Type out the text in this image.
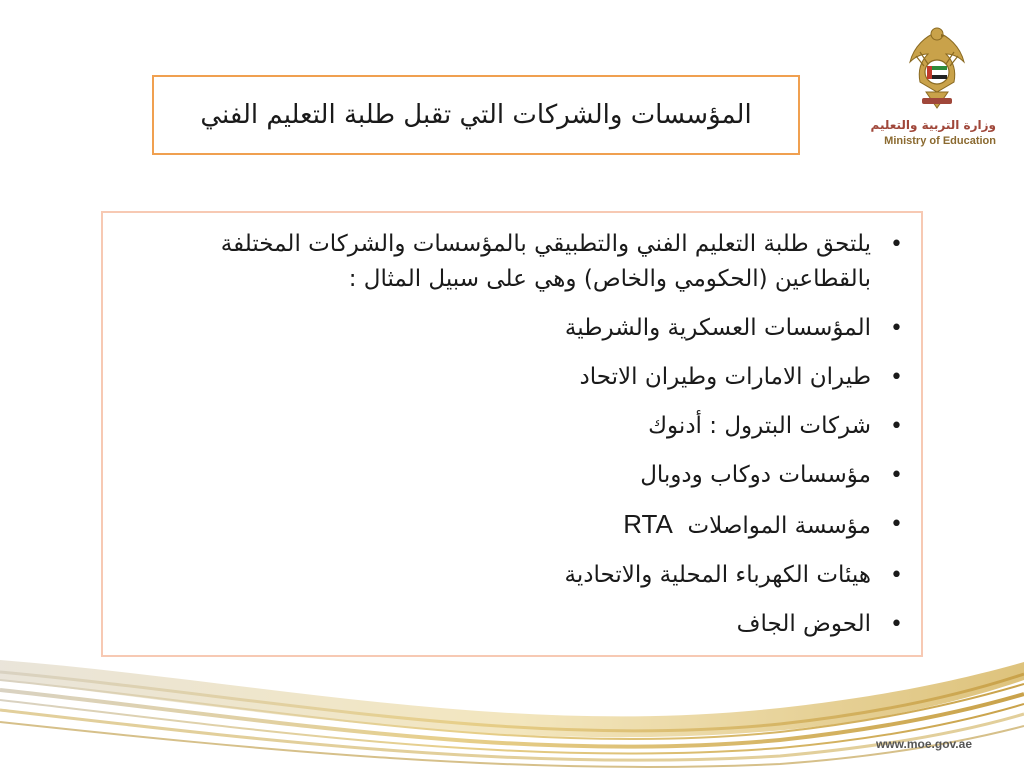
المؤسسات والشركات التي تقبل طلبة التعليم الفني	وزارة التربية والتعليم
Ministry of Education
• يلتحق طلبة التعليم الفني والتطبيقي بالمؤسسات والشركات المختلفة بالقطاعين (الحكومي والخاص) وهي على سبيل المثال :
• المؤسسات العسكرية والشرطية
• طيران الامارات وطيران الاتحاد
• شركات البترول : أدنوك
• مؤسسات دوكاب ودوبال
• مؤسسة المواصلات  RTA
• هيئات الكهرباء المحلية والاتحادية
• الحوض الجاف
www.moe.gov.ae
